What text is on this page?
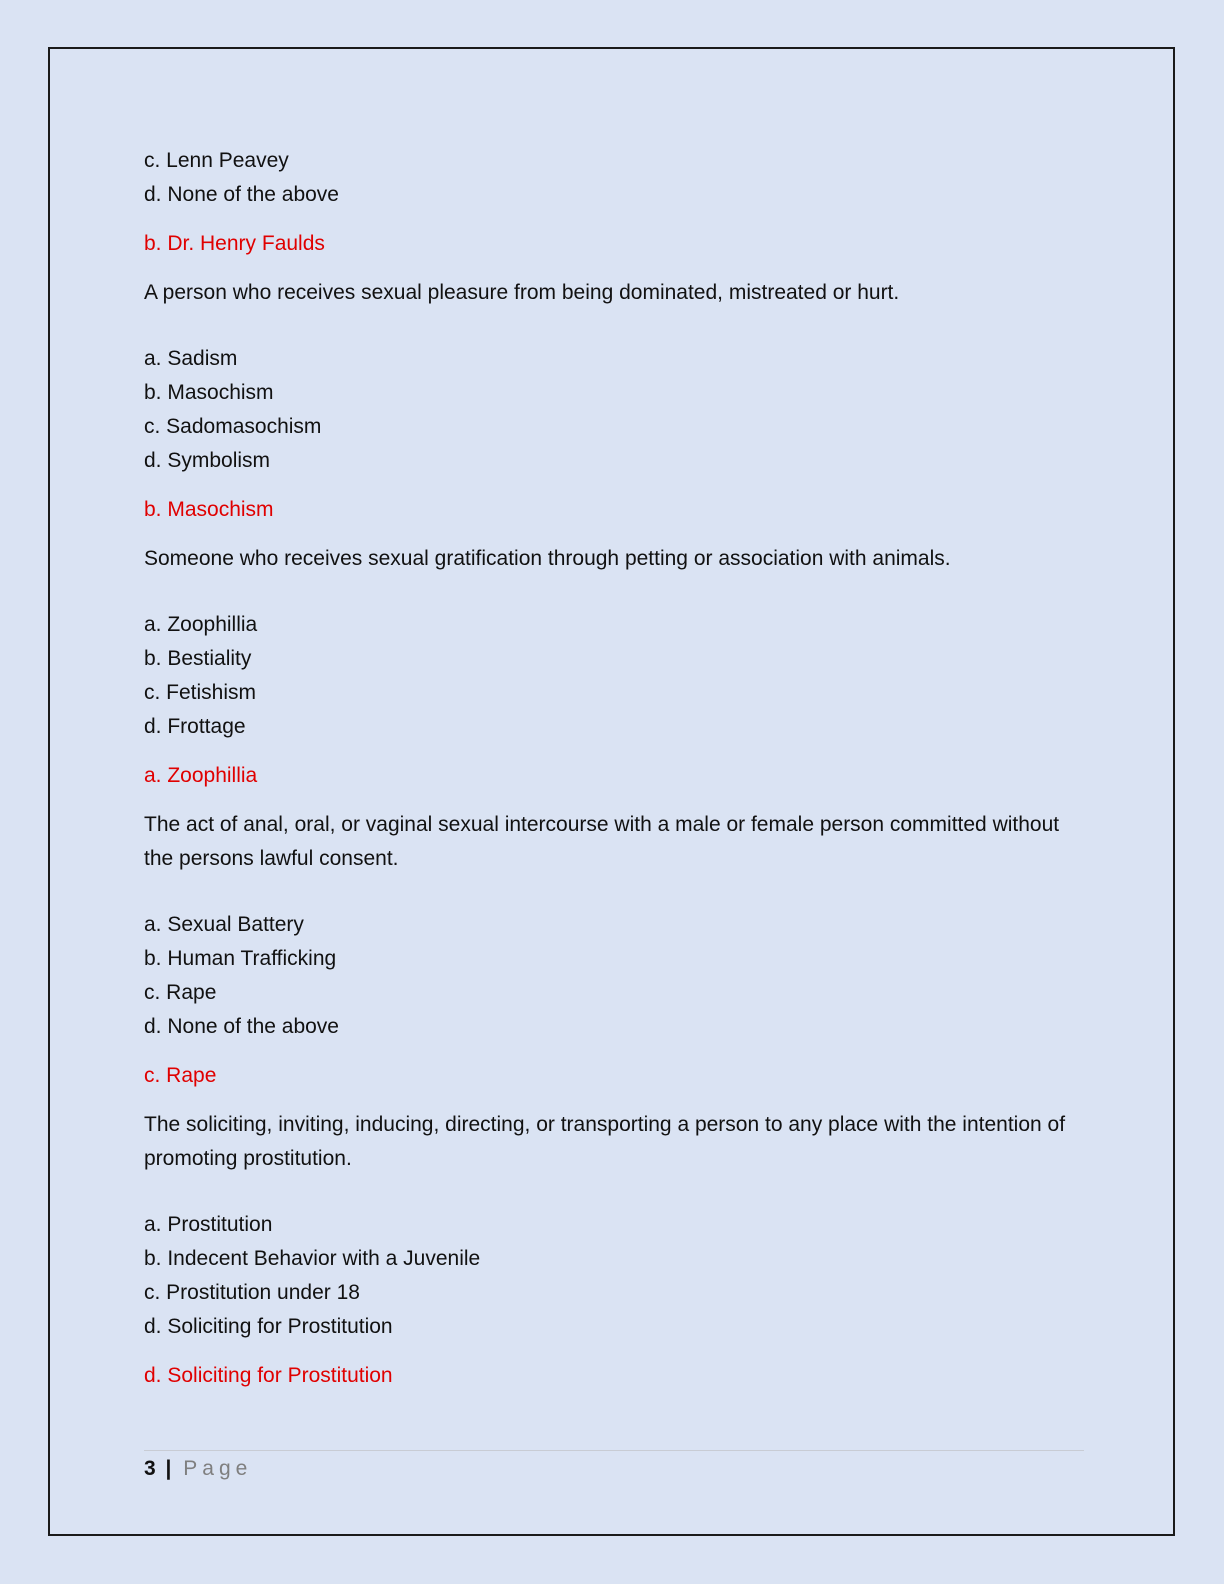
c. Lenn Peavey

d. None of the above

b. Dr. Henry Faulds

A person who receives sexual pleasure from being dominated, mistreated or hurt.

a. Sadism

b. Masochism

c. Sadomasochism

d. Symbolism

b. Masochism

Someone who receives sexual gratification through petting or association with animals.

a. Zoophillia

b. Bestiality

c. Fetishism

d. Frottage

a. Zoophillia

The act of anal, oral, or vaginal sexual intercourse with a male or female person committed without the persons lawful consent.

a. Sexual Battery

b. Human Trafficking

c. Rape

d. None of the above

c. Rape

The soliciting, inviting, inducing, directing, or transporting a person to any place with the intention of promoting prostitution.

a. Prostitution

b. Indecent Behavior with a Juvenile

c. Prostitution under 18

d. Soliciting for Prostitution

d. Soliciting for Prostitution

3 | Page
